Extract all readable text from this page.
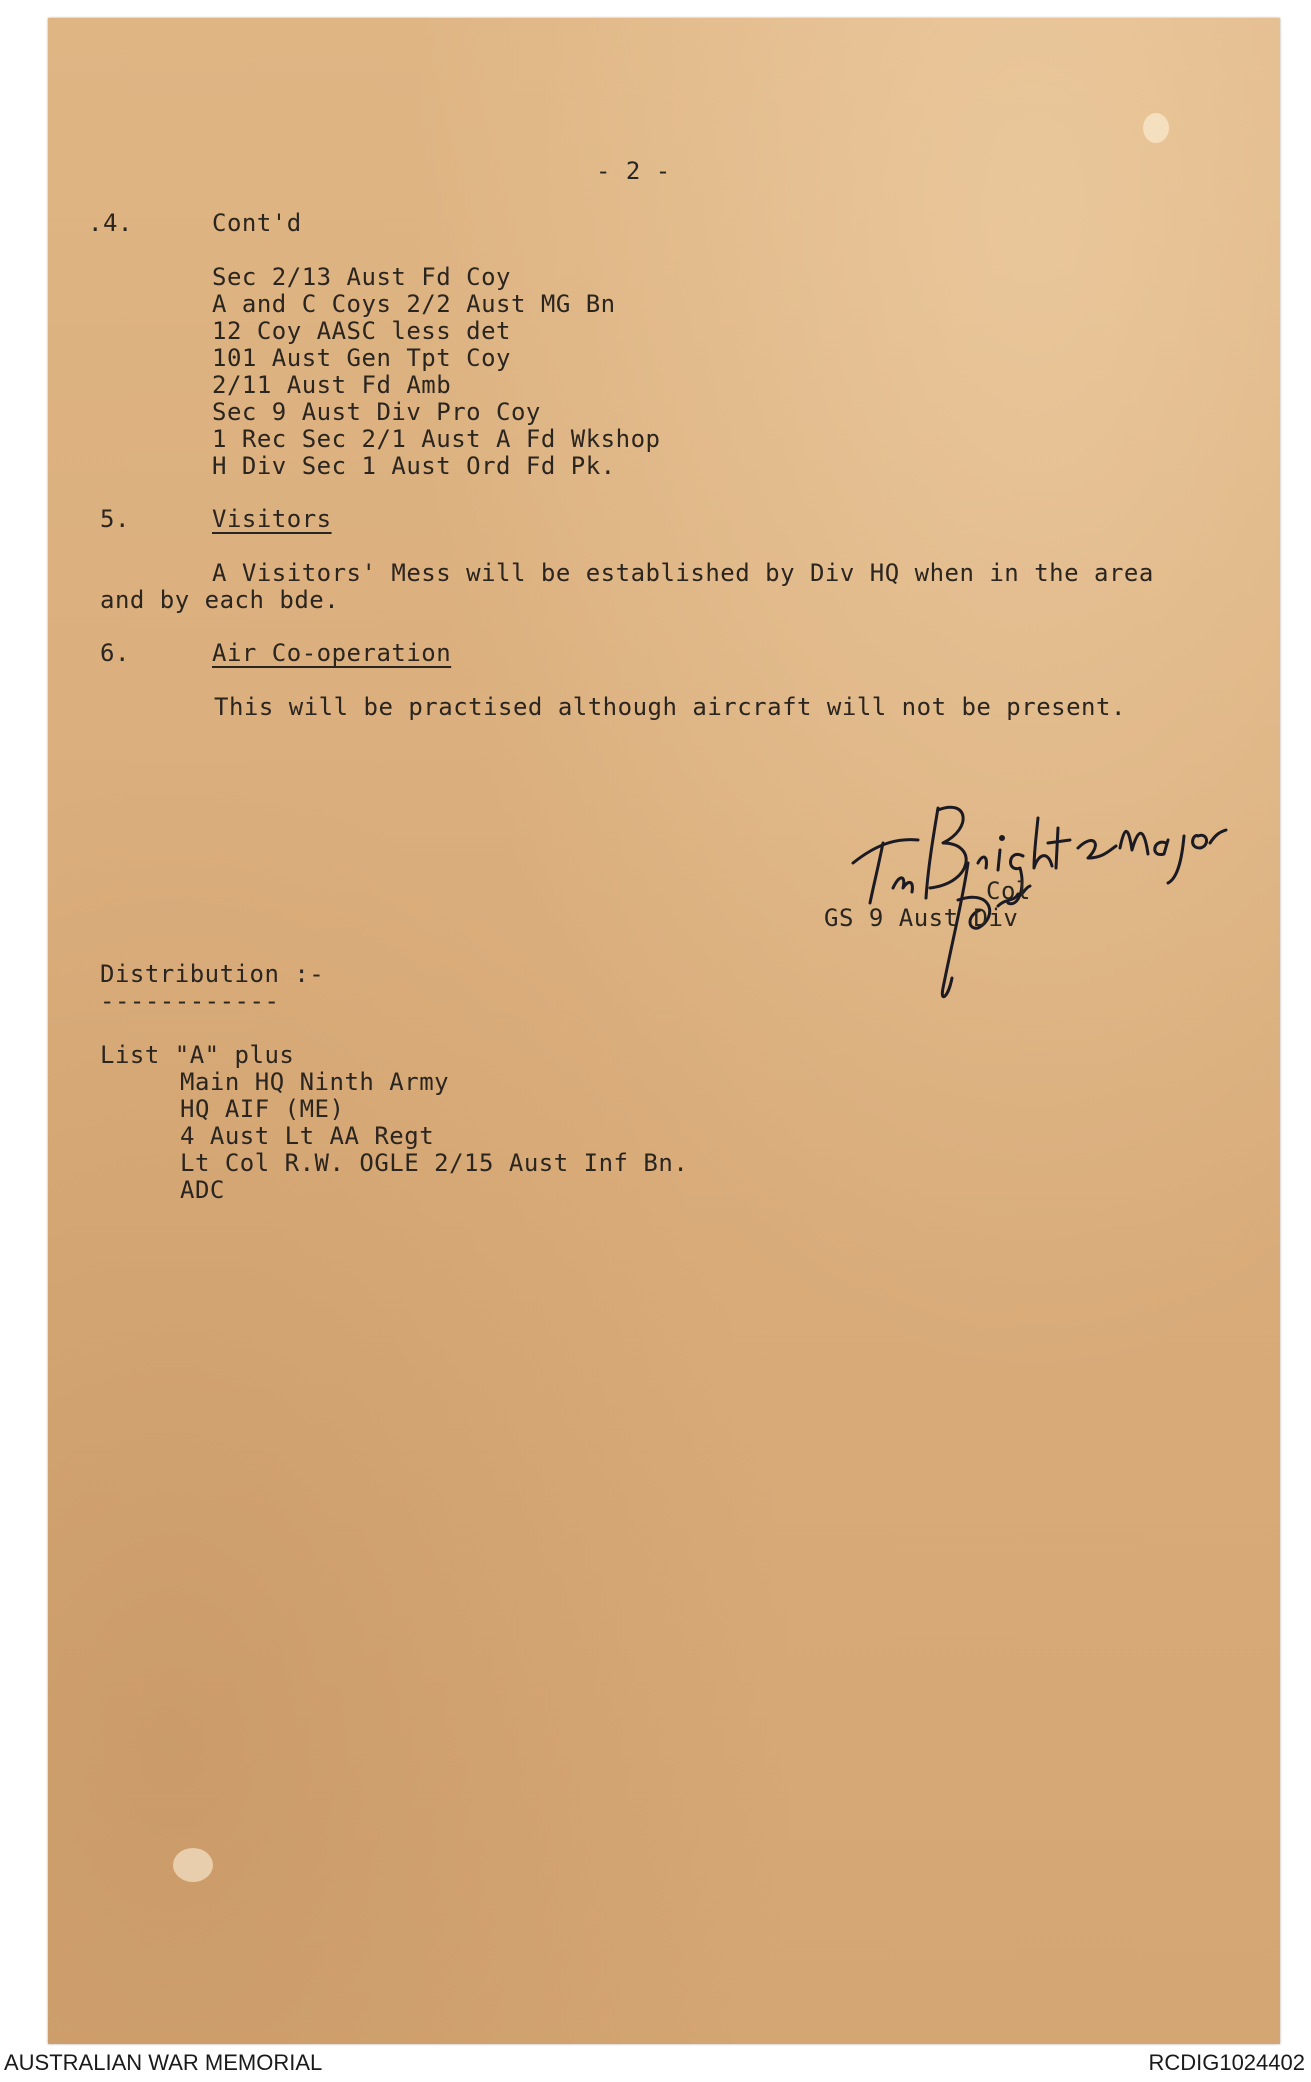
- 2 -
.4.	Cont'd
Sec 2/13 Aust Fd Coy
A and C Coys 2/2 Aust MG Bn
12 Coy AASC less det
101 Aust Gen Tpt Coy
2/11 Aust Fd Amb
Sec 9 Aust Div Pro Coy
1 Rec Sec 2/1 Aust A Fd Wkshop
H Div Sec 1 Aust Ord Fd Pk.
5.	Visitors
A Visitors' Mess will be established by Div HQ when in the area
and by each bde.
6.	Air Co-operation
This will be practised although aircraft will not be present.
Col
GS 9 Aust Div
Distribution :-
------------
List "A" plus
Main HQ Ninth Army
HQ AIF (ME)
4 Aust Lt AA Regt
Lt Col R.W. OGLE 2/15 Aust Inf Bn.
ADC
AUSTRALIAN WAR MEMORIAL	RCDIG1024402
